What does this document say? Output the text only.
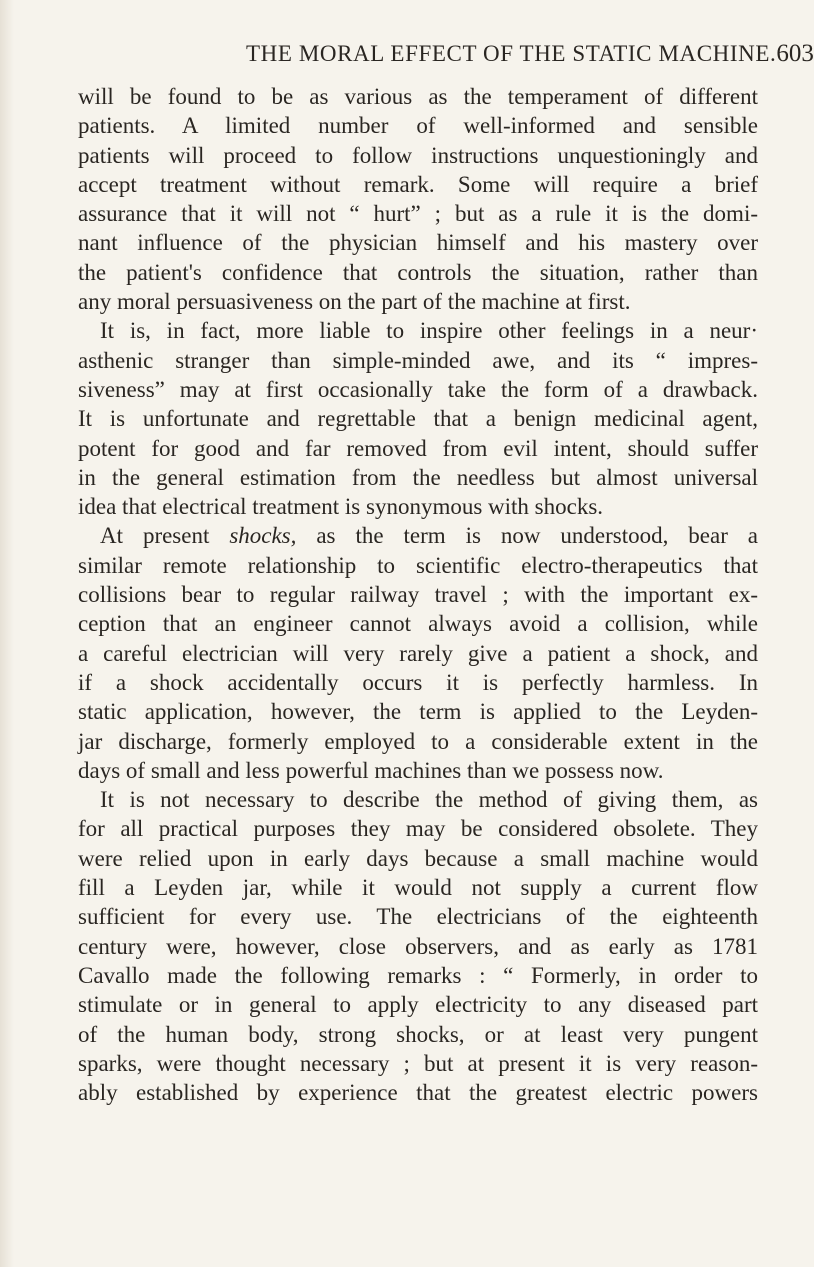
THE MORAL EFFECT OF THE STATIC MACHINE. 603
will be found to be as various as the temperament of different
patients. A limited number of well-informed and sensible
patients will proceed to follow instructions unquestioningly and
accept treatment without remark. Some will require a brief
assurance that it will not “ hurt” ; but as a rule it is the domi-
nant influence of the physician himself and his mastery over
the patient's confidence that controls the situation, rather than
any moral persuasiveness on the part of the machine at first.
It is, in fact, more liable to inspire other feelings in a neur·
asthenic stranger than simple-minded awe, and its “ impres-
siveness” may at first occasionally take the form of a drawback.
It is unfortunate and regrettable that a benign medicinal agent,
potent for good and far removed from evil intent, should suffer
in the general estimation from the needless but almost universal
idea that electrical treatment is synonymous with shocks.
At present shocks, as the term is now understood, bear a
similar remote relationship to scientific electro-therapeutics that
collisions bear to regular railway travel ; with the important ex-
ception that an engineer cannot always avoid a collision, while
a careful electrician will very rarely give a patient a shock, and
if a shock accidentally occurs it is perfectly harmless. In
static application, however, the term is applied to the Leyden-
jar discharge, formerly employed to a considerable extent in the
days of small and less powerful machines than we possess now.
It is not necessary to describe the method of giving them, as
for all practical purposes they may be considered obsolete. They
were relied upon in early days because a small machine would
fill a Leyden jar, while it would not supply a current flow
sufficient for every use. The electricians of the eighteenth
century were, however, close observers, and as early as 1781
Cavallo made the following remarks : “ Formerly, in order to
stimulate or in general to apply electricity to any diseased part
of the human body, strong shocks, or at least very pungent
sparks, were thought necessary ; but at present it is very reason-
ably established by experience that the greatest electric powers
